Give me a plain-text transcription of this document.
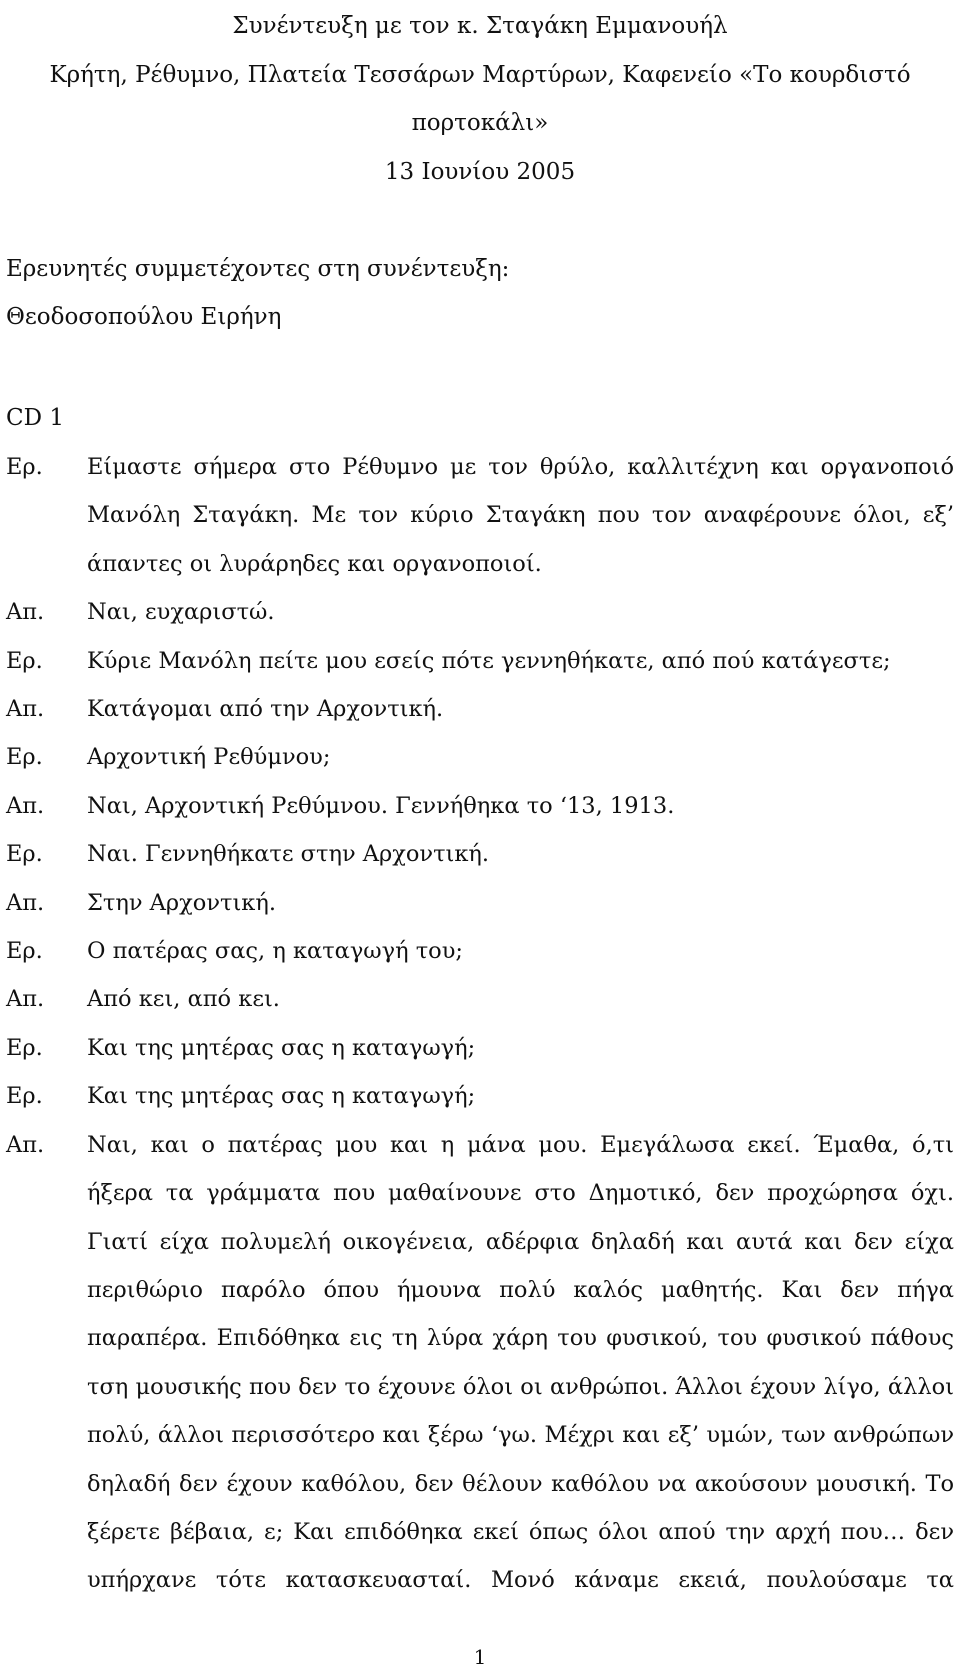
Συνέντευξη με τον κ. Σταγάκη Εμμανουήλ
Κρήτη, Ρέθυμνο, Πλατεία Τεσσάρων Μαρτύρων, Καφενείο «Το κουρδιστό
πορτοκάλι»
13 Ιουνίου 2005
Ερευνητές συμμετέχοντες στη συνέντευξη:
Θεοδοσοπούλου Ειρήνη
CD 1
Ερ. Είμαστε σήμερα στο Ρέθυμνο με τον θρύλο, καλλιτέχνη και οργανοποιό Μανόλη Σταγάκη. Με τον κύριο Σταγάκη που τον αναφέρουνε όλοι, εξ’ άπαντες οι λυράρηδες και οργανοποιοί.
Απ. Ναι, ευχαριστώ.
Ερ. Κύριε Μανόλη πείτε μου εσείς πότε γεννηθήκατε, από πού κατάγεστε;
Απ. Κατάγομαι από την Αρχοντική.
Ερ. Αρχοντική Ρεθύμνου;
Απ. Ναι, Αρχοντική Ρεθύμνου. Γεννήθηκα το ‘13, 1913.
Ερ. Ναι. Γεννηθήκατε στην Αρχοντική.
Απ. Στην Αρχοντική.
Ερ. Ο πατέρας σας, η καταγωγή του;
Απ. Από κει, από κει.
Ερ. Και της μητέρας σας η καταγωγή;
Ερ. Και της μητέρας σας η καταγωγή;
Απ. Ναι, και ο πατέρας μου και η μάνα μου. Εμεγάλωσα εκεί. Έμαθα, ό,τι ήξερα τα γράμματα που μαθαίνουνε στο Δημοτικό, δεν προχώρησα όχι. Γιατί είχα πολυμελή οικογένεια, αδέρφια δηλαδή και αυτά και δεν είχα περιθώριο παρόλο όπου ήμουνα πολύ καλός μαθητής. Και δεν πήγα παραπέρα. Επιδόθηκα εις τη λύρα χάρη του φυσικού, του φυσικού πάθους τση μουσικής που δεν το έχουνε όλοι οι ανθρώποι. Άλλοι έχουν λίγο, άλλοι πολύ, άλλοι περισσότερο και ξέρω ‘γω. Μέχρι και εξ’ υμών, των ανθρώπων δηλαδή δεν έχουν καθόλου, δεν θέλουν καθόλου να ακούσουν μουσική. Το ξέρετε βέβαια, ε; Και επιδόθηκα εκεί όπως όλοι απού την αρχή που… δεν υπήρχανε τότε κατασκευασταί. Μονό κάναμε εκειά, πουλούσαμε τα
1
